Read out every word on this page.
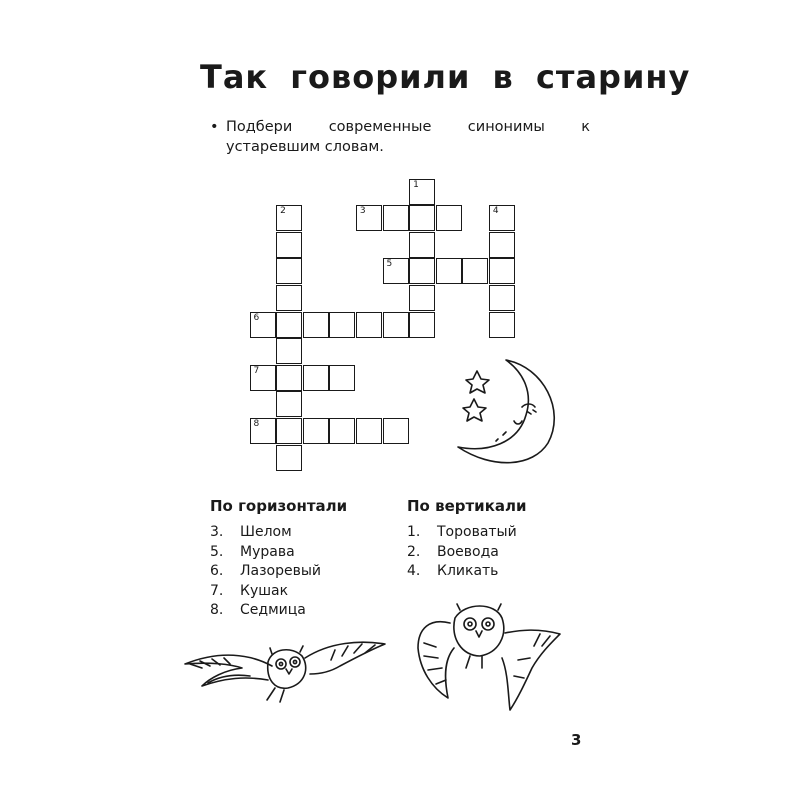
Так говорили в старину
• Подбери современные синонимы к устаревшим словам.
1
2	3	4
5
6
7
8
По горизонтали
3. Шелом
5. Мурава
6. Лазоревый
7. Кушак
8. Седмица
По вертикали
1. Тороватый
2. Воевода
4. Кликать
3
